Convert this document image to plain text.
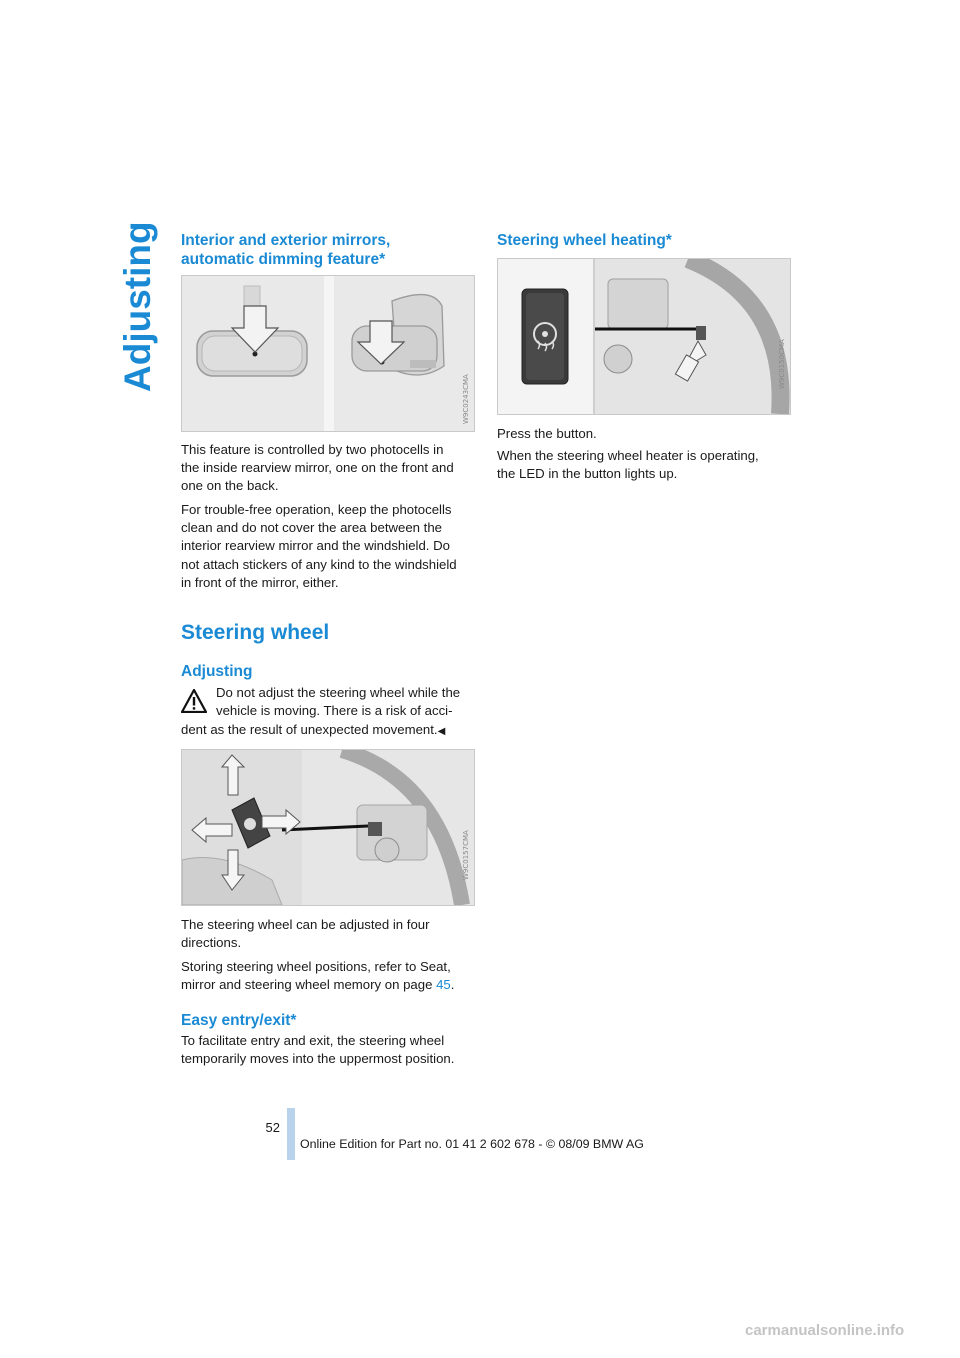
Adjusting Interior and exterior mirrors,
automatic dimming feature*
W9C0243CMA

This feature is controlled by two photocells in
the inside rearview mirror, one on the front and
one on the back.

For trouble-free operation, keep the photocells
clean and do not cover the area between the
interior rearview mirror and the windshield. Do
not attach stickers of any kind to the windshield
in front of the mirror, either.

Steering wheel
Adjusting

Do not adjust the steering wheel while the
vehicle is moving. There is a risk of acci-

dent as the result of unexpected movement.◀

W9C0157CMA

The steering wheel can be adjusted in four
directions.

Storing steering wheel positions, refer to Seat,
mirror and steering wheel memory on page 45.

Easy entry/exit*

To facilitate entry and exit, the steering wheel
temporarily moves into the uppermost position.

Steering wheel heating*
W9C0150CMA

Press the button.

When the steering wheel heater is operating,
the LED in the button lights up.

52
Online Edition for Part no. 01 41 2 602 678 - © 08/09 BMW AG
carmanualsonline.info
